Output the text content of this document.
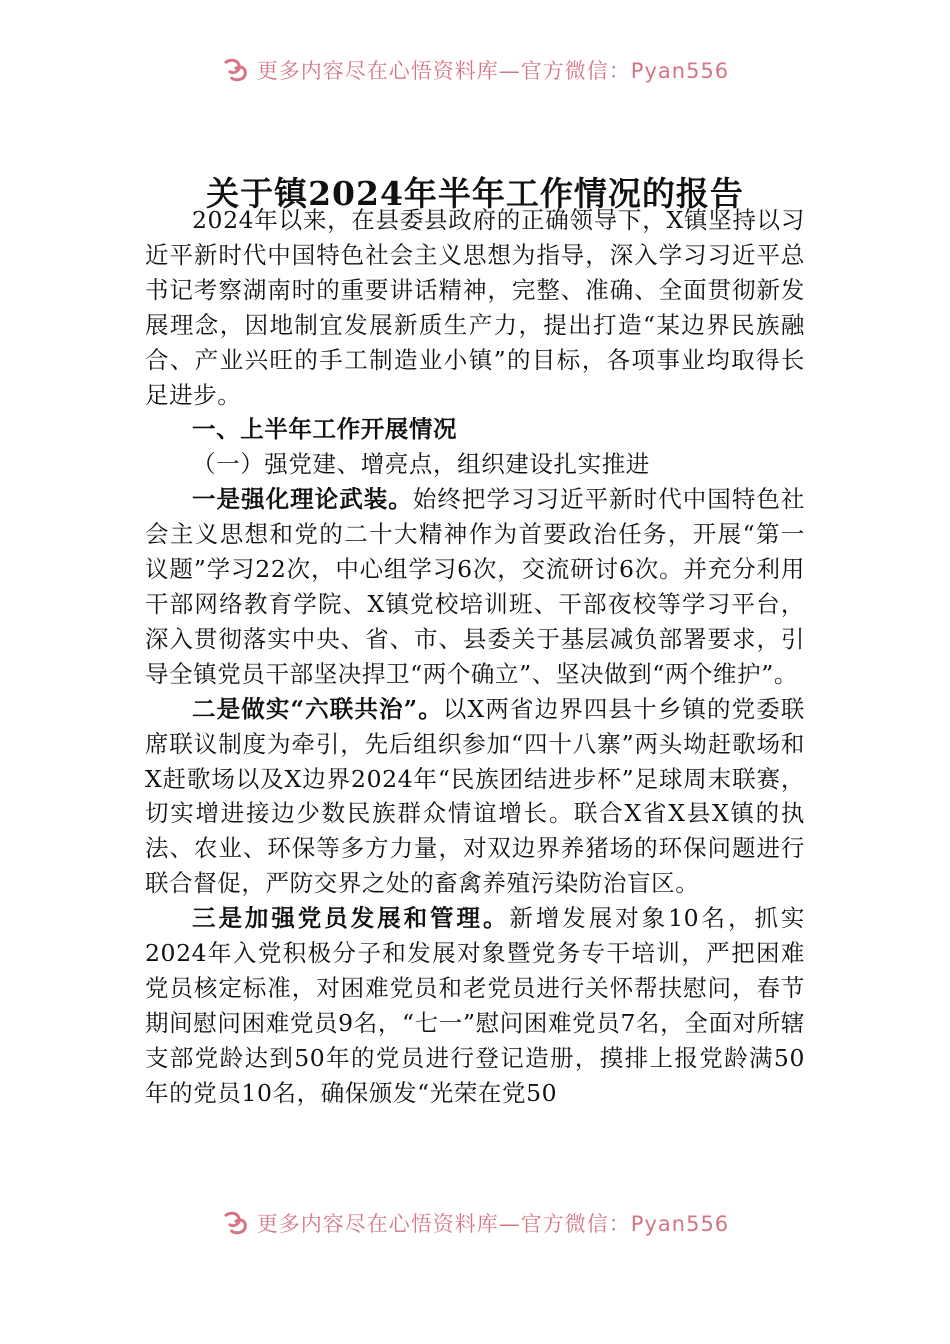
更多内容尽在心悟资料库—官方微信：Pyan556
关于镇2024年半年工作情况的报告

2024年以来，在县委县政府的正确领导下，X镇坚持以习近平新时代中国特色社会主义思想为指导，深入学习习近平总书记考察湖南时的重要讲话精神，完整、准确、全面贯彻新发展理念，因地制宜发展新质生产力，提出打造“某边界民族融合、产业兴旺的手工制造业小镇”的目标，各项事业均取得长足进步。

一、上半年工作开展情况

（一）强党建、增亮点，组织建设扎实推进

一是强化理论武装。始终把学习习近平新时代中国特色社会主义思想和党的二十大精神作为首要政治任务，开展“第一议题”学习22次，中心组学习6次，交流研讨6次。并充分利用干部网络教育学院、X镇党校培训班、干部夜校等学习平台，深入贯彻落实中央、省、市、县委关于基层减负部署要求，引导全镇党员干部坚决捍卫“两个确立”、坚决做到“两个维护”。

二是做实“六联共治”。以X两省边界四县十乡镇的党委联席联议制度为牵引，先后组织参加“四十八寨”两头坳赶歌场和X赶歌场以及X边界2024年“民族团结进步杯”足球周末联赛，切实增进接边少数民族群众情谊增长。联合X省X县X镇的执法、农业、环保等多方力量，对双边界养猪场的环保问题进行联合督促，严防交界之处的畜禽养殖污染防治盲区。

三是加强党员发展和管理。新增发展对象10名，抓实2024年入党积极分子和发展对象暨党务专干培训，严把困难党员核定标准，对困难党员和老党员进行关怀帮扶慰问，春节期间慰问困难党员9名，“七一”慰问困难党员7名，全面对所辖支部党龄达到50年的党员进行登记造册，摸排上报党龄满50年的党员10名，确保颁发“光荣在党50

更多内容尽在心悟资料库—官方微信：Pyan556
